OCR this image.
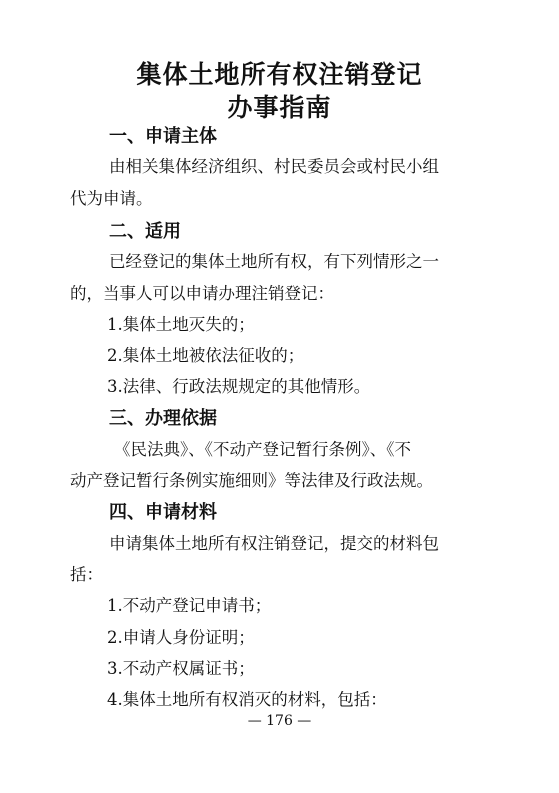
集体土地所有权注销登记
办事指南
一、申请主体
由相关集体经济组织、村民委员会或村民小组
代为申请。
二、适用
已经登记的集体土地所有权，有下列情形之一
的，当事人可以申请办理注销登记：
1.集体土地灭失的；
2.集体土地被依法征收的；
3.法律、行政法规规定的其他情形。
三、办理依据
《民法典》、《不动产登记暂行条例》、《不
动产登记暂行条例实施细则》等法律及行政法规。
四、申请材料
申请集体土地所有权注销登记，提交的材料包
括：
1.不动产登记申请书；
2.申请人身份证明；
3.不动产权属证书；
4.集体土地所有权消灭的材料，包括：
— 176 —
